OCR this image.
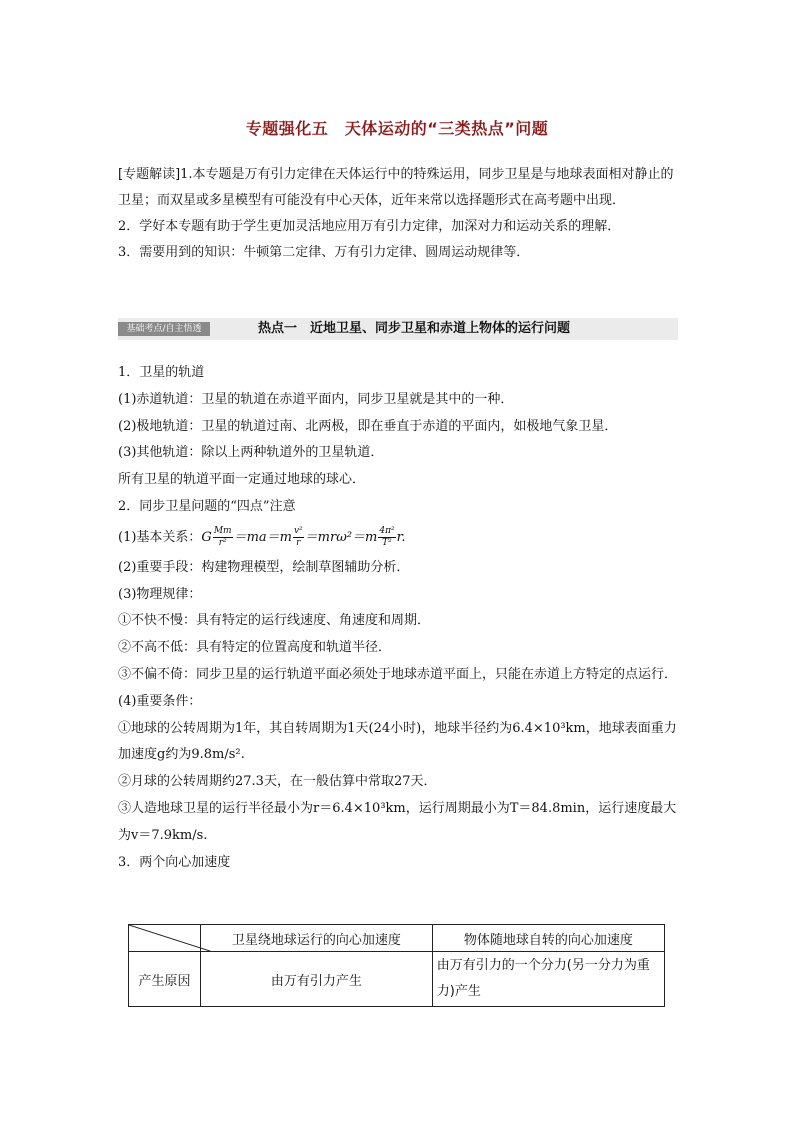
专题强化五　天体运动的“三类热点”问题

[专题解读]1.本专题是万有引力定律在天体运行中的特殊运用，同步卫星是与地球表面相对静止的卫星；而双星或多星模型有可能没有中心天体，近年来常以选择题形式在高考题中出现．

2．学好本专题有助于学生更加灵活地应用万有引力定律，加深对力和运动关系的理解．

3．需要用到的知识：牛顿第二定律、万有引力定律、圆周运动规律等．

基础考点/自主悟透	热点一　近地卫星、同步卫星和赤道上物体的运行问题

1．卫星的轨道

(1)赤道轨道：卫星的轨道在赤道平面内，同步卫星就是其中的一种．

(2)极地轨道：卫星的轨道过南、北两极，即在垂直于赤道的平面内，如极地气象卫星．

(3)其他轨道：除以上两种轨道外的卫星轨道．

所有卫星的轨道平面一定通过地球的球心．

2．同步卫星问题的“四点”注意

(1)基本关系：G $\frac{Mm}{\text{r²}} =ma=m \frac{\text{v²}}{r} =mr\omega^2=m \frac{\text{4π²}}{\text{T²}} r$.

(2)重要手段：构建物理模型，绘制草图辅助分析．

(3)物理规律：

①不快不慢：具有特定的运行线速度、角速度和周期．

②不高不低：具有特定的位置高度和轨道半径．

③不偏不倚：同步卫星的运行轨道平面必须处于地球赤道平面上，只能在赤道上方特定的点运行．

(4)重要条件：

①地球的公转周期为1年，其自转周期为1天(24小时)，地球半径约为6.4×10³km，地球表面重力加速度g约为9.8m/s².

②月球的公转周期约27.3天，在一般估算中常取27天．

③人造地球卫星的运行半径最小为r＝6.4×10³km，运行周期最小为T＝84.8min，运行速度最大为v＝7.9km/s.

3．两个向心加速度

	卫星绕地球运行的向心加速度	物体随地球自转的向心加速度
产生原因	由万有引力产生	由万有引力的一个分力(另一分力为重力)产生
